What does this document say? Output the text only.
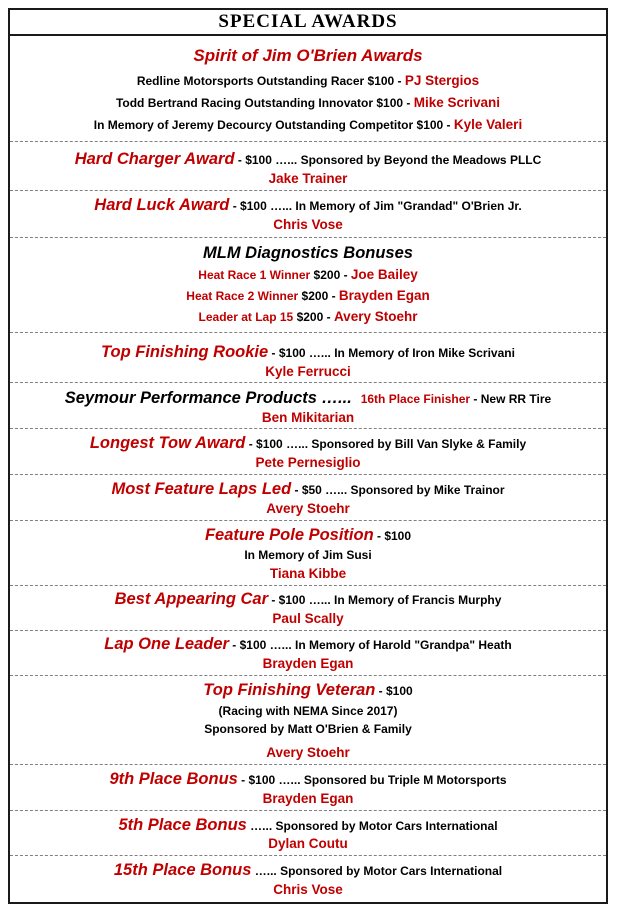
SPECIAL AWARDS
Spirit of Jim O'Brien Awards
Redline Motorsports Outstanding Racer $100 - PJ Stergios
Todd Bertrand Racing Outstanding Innovator $100 - Mike Scrivani
In Memory of Jeremy Decourcy Outstanding Competitor $100 - Kyle Valeri
Hard Charger Award - $100 …... Sponsored by Beyond the Meadows PLLC
Jake Trainer
Hard Luck Award - $100 …... In Memory of Jim "Grandad" O'Brien Jr.
Chris Vose
MLM Diagnostics Bonuses
Heat Race 1 Winner $200 - Joe Bailey
Heat Race 2 Winner $200 - Brayden Egan
Leader at Lap 15 $200 - Avery Stoehr
Top Finishing Rookie - $100 …... In Memory of Iron Mike Scrivani
Kyle Ferrucci
Seymour Performance Products …... 16th Place Finisher - New RR Tire
Ben Mikitarian
Longest Tow Award - $100 …... Sponsored by Bill Van Slyke & Family
Pete Pernesiglio
Most Feature Laps Led - $50 …... Sponsored by Mike Trainor
Avery Stoehr
Feature Pole Position - $100
In Memory of Jim Susi
Tiana Kibbe
Best Appearing Car - $100 …... In Memory of Francis Murphy
Paul Scally
Lap One Leader - $100 …... In Memory of Harold "Grandpa" Heath
Brayden Egan
Top Finishing Veteran - $100
(Racing with NEMA Since 2017)
Sponsored by Matt O'Brien & Family
Avery Stoehr
9th Place Bonus - $100 …... Sponsored bu Triple M Motorsports
Brayden Egan
5th Place Bonus …... Sponsored by Motor Cars International
Dylan Coutu
15th Place Bonus …... Sponsored by Motor Cars International
Chris Vose
